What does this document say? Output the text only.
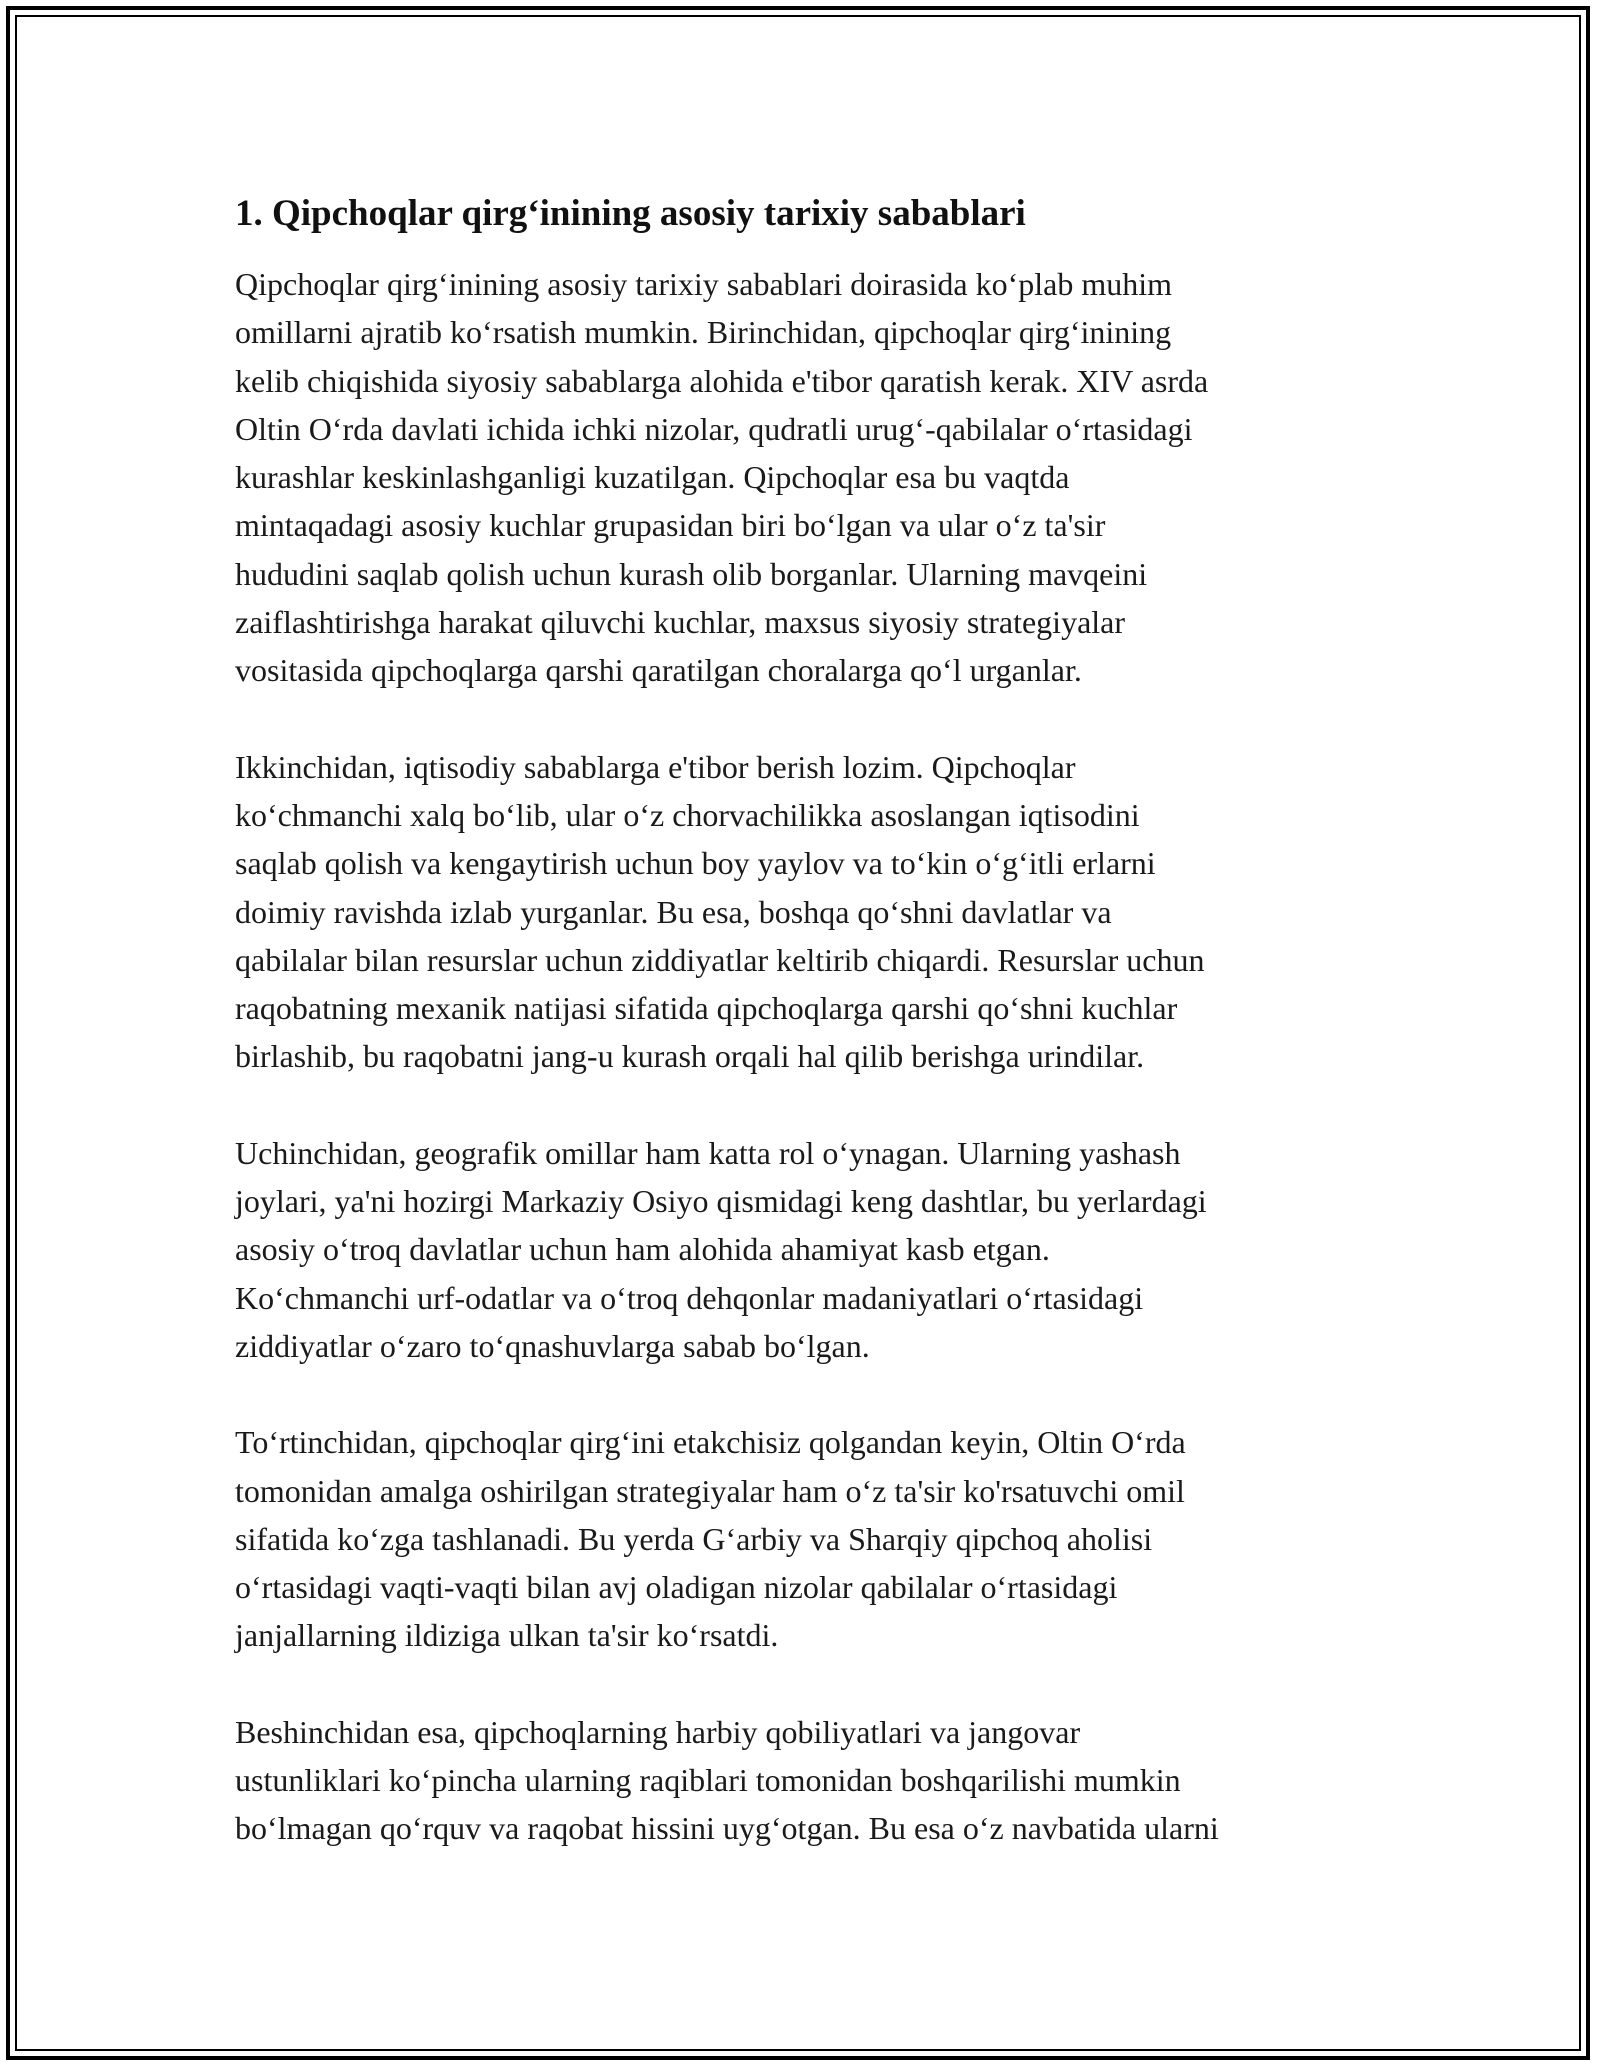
1. Qipchoqlar qirg‘inining asosiy tarixiy sabablari
Qipchoqlar qirg‘inining asosiy tarixiy sabablari doirasida ko‘plab muhim
omillarni ajratib ko‘rsatish mumkin. Birinchidan, qipchoqlar qirg‘inining
kelib chiqishida siyosiy sabablarga alohida e'tibor qaratish kerak. XIV asrda
Oltin O‘rda davlati ichida ichki nizolar, qudratli urug‘-qabilalar o‘rtasidagi
kurashlar keskinlashganligi kuzatilgan. Qipchoqlar esa bu vaqtda
mintaqadagi asosiy kuchlar grupasidan biri bo‘lgan va ular o‘z ta'sir
hududini saqlab qolish uchun kurash olib borganlar. Ularning mavqeini
zaiflashtirishga harakat qiluvchi kuchlar, maxsus siyosiy strategiyalar
vositasida qipchoqlarga qarshi qaratilgan choralarga qo‘l urganlar.
Ikkinchidan, iqtisodiy sabablarga e'tibor berish lozim. Qipchoqlar
ko‘chmanchi xalq bo‘lib, ular o‘z chorvachilikka asoslangan iqtisodini
saqlab qolish va kengaytirish uchun boy yaylov va to‘kin o‘g‘itli erlarni
doimiy ravishda izlab yurganlar. Bu esa, boshqa qo‘shni davlatlar va
qabilalar bilan resurslar uchun ziddiyatlar keltirib chiqardi. Resurslar uchun
raqobatning mexanik natijasi sifatida qipchoqlarga qarshi qo‘shni kuchlar
birlashib, bu raqobatni jang-u kurash orqali hal qilib berishga urindilar.
Uchinchidan, geografik omillar ham katta rol o‘ynagan. Ularning yashash
joylari, ya'ni hozirgi Markaziy Osiyo qismidagi keng dashtlar, bu yerlardagi
asosiy o‘troq davlatlar uchun ham alohida ahamiyat kasb etgan.
Ko‘chmanchi urf-odatlar va o‘troq dehqonlar madaniyatlari o‘rtasidagi
ziddiyatlar o‘zaro to‘qnashuvlarga sabab bo‘lgan.
To‘rtinchidan, qipchoqlar qirg‘ini etakchisiz qolgandan keyin, Oltin O‘rda
tomonidan amalga oshirilgan strategiyalar ham o‘z ta'sir ko'rsatuvchi omil
sifatida ko‘zga tashlanadi. Bu yerda G‘arbiy va Sharqiy qipchoq aholisi
o‘rtasidagi vaqti-vaqti bilan avj oladigan nizolar qabilalar o‘rtasidagi
janjallarning ildiziga ulkan ta'sir ko‘rsatdi.
Beshinchidan esa, qipchoqlarning harbiy qobiliyatlari va jangovar
ustunliklari ko‘pincha ularning raqiblari tomonidan boshqarilishi mumkin
bo‘lmagan qo‘rquv va raqobat hissini uyg‘otgan. Bu esa o‘z navbatida ularni
